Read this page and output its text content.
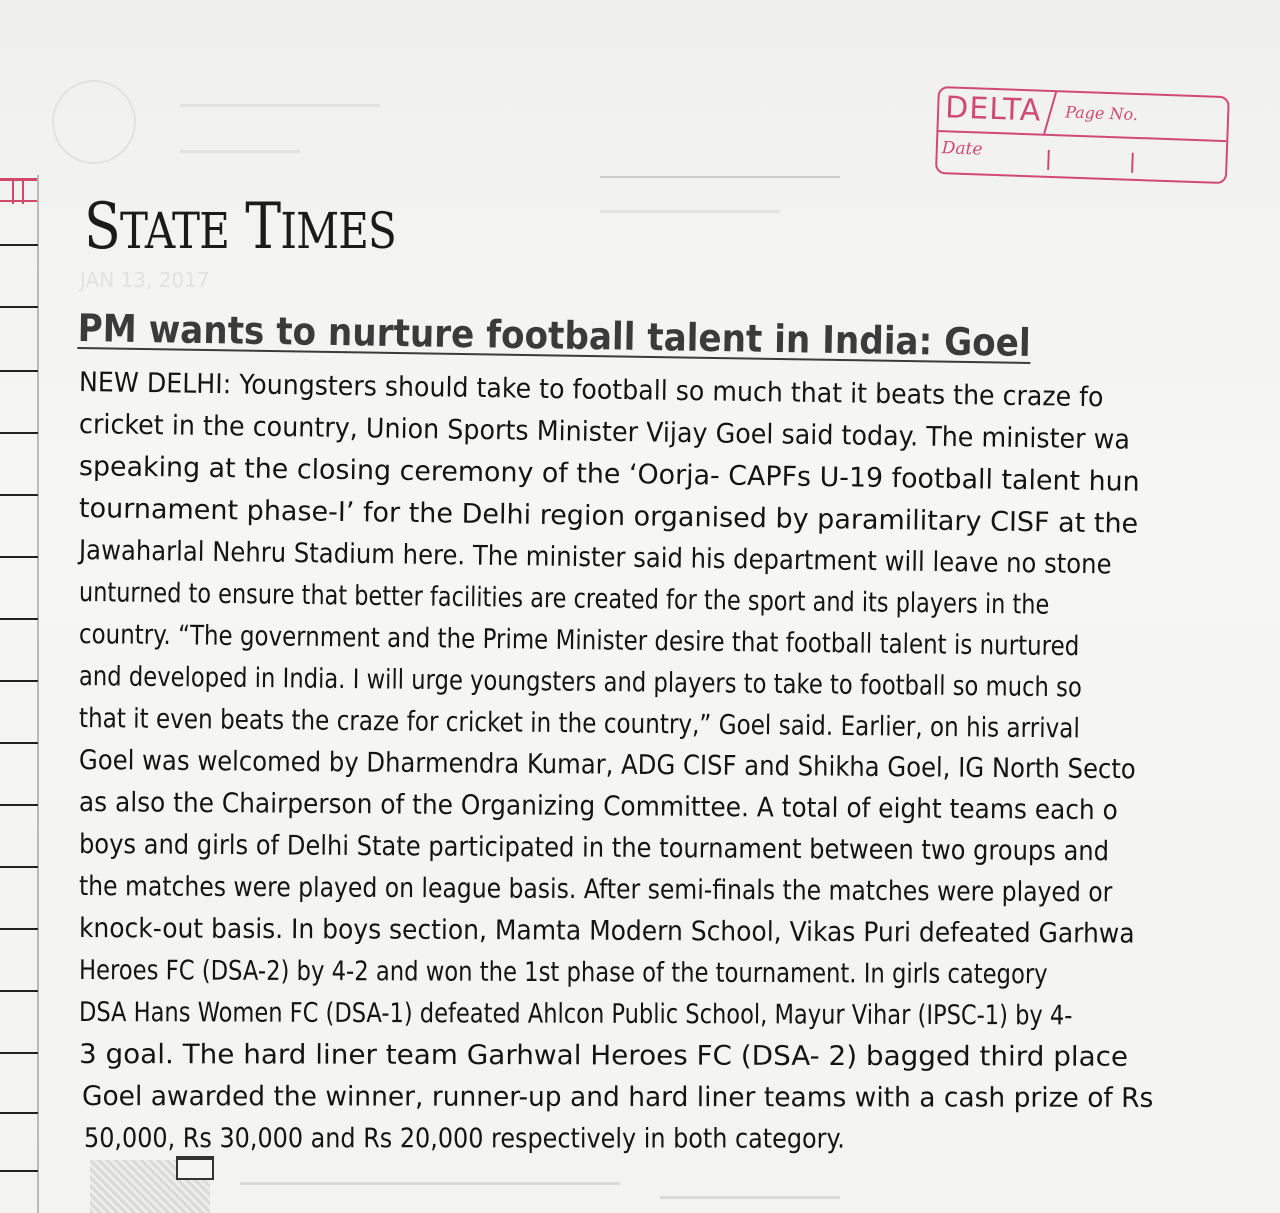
DELTA Page No.
Date
STATE TIMES
JAN 13, 2017
PM wants to nurture football talent in India: Goel
NEW DELHI: Youngsters should take to football so much that it beats the craze fo
cricket in the country, Union Sports Minister Vijay Goel said today. The minister wa
speaking at the closing ceremony of the ‘Oorja- CAPFs U-19 football talent hun
tournament phase-I’ for the Delhi region organised by paramilitary CISF at the
Jawaharlal Nehru Stadium here. The minister said his department will leave no stone
unturned to ensure that better facilities are created for the sport and its players in the
country. “The government and the Prime Minister desire that football talent is nurtured
and developed in India. I will urge youngsters and players to take to football so much so
that it even beats the craze for cricket in the country,” Goel said. Earlier, on his arrival
Goel was welcomed by Dharmendra Kumar, ADG CISF and Shikha Goel, IG North Secto
as also the Chairperson of the Organizing Committee. A total of eight teams each o
boys and girls of Delhi State participated in the tournament between two groups and
the matches were played on league basis. After semi-finals the matches were played or
knock-out basis. In boys section, Mamta Modern School, Vikas Puri defeated Garhwa
Heroes FC (DSA-2) by 4-2 and won the 1st phase of the tournament. In girls category
DSA Hans Women FC (DSA-1) defeated Ahlcon Public School, Mayur Vihar (IPSC-1) by 4-
3 goal. The hard liner team Garhwal Heroes FC (DSA- 2) bagged third place
Goel awarded the winner, runner-up and hard liner teams with a cash prize of Rs
50,000, Rs 30,000 and Rs 20,000 respectively in both category.
